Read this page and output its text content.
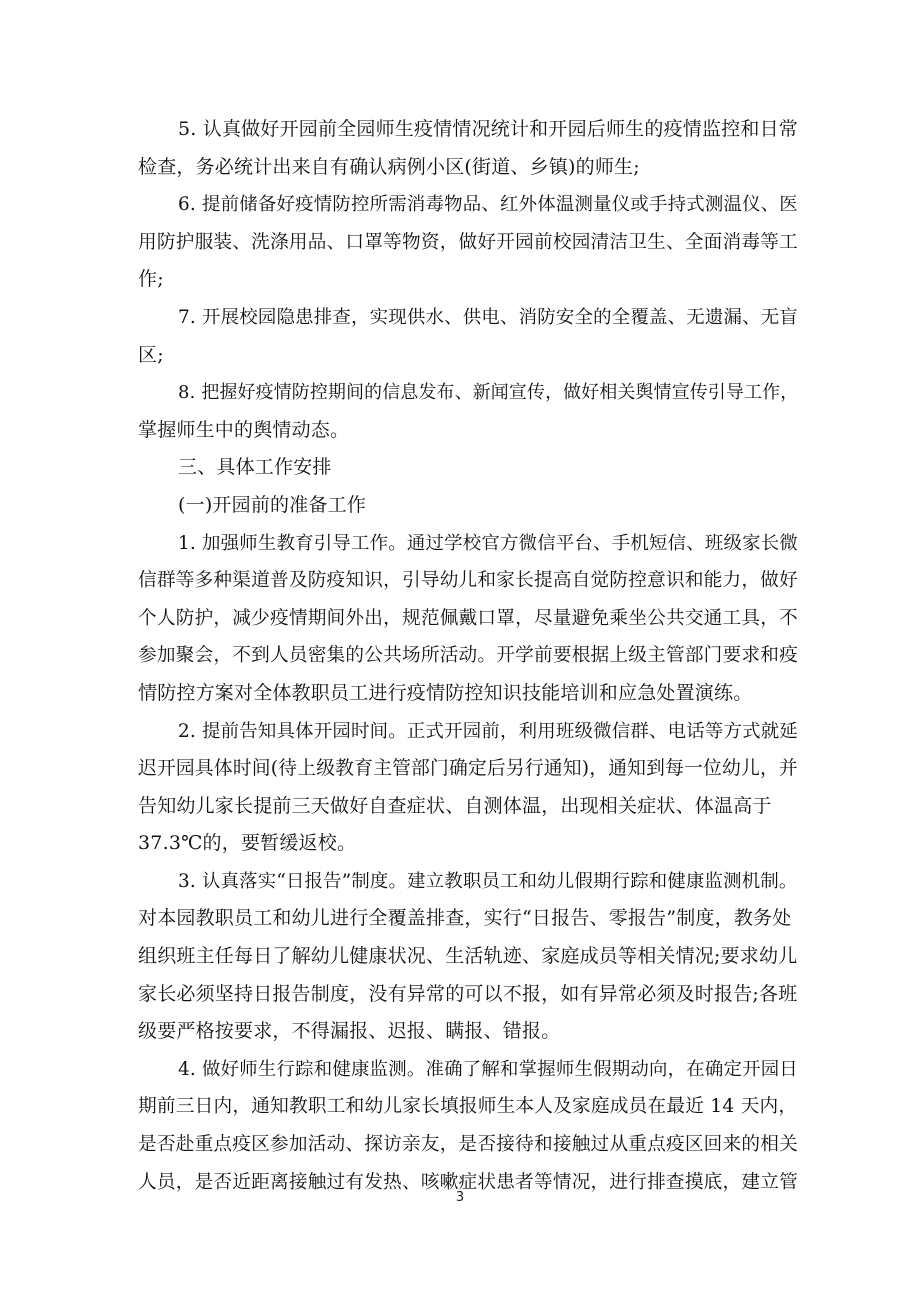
5. 认真做好开园前全园师生疫情情况统计和开园后师生的疫情监控和日常
检查，务必统计出来自有确认病例小区(街道、乡镇)的师生;
6. 提前储备好疫情防控所需消毒物品、红外体温测量仪或手持式测温仪、医
用防护服装、洗涤用品、口罩等物资，做好开园前校园清洁卫生、全面消毒等工
作;
7. 开展校园隐患排查，实现供水、供电、消防安全的全覆盖、无遗漏、无盲
区;
8. 把握好疫情防控期间的信息发布、新闻宣传，做好相关舆情宣传引导工作，
掌握师生中的舆情动态。
三、具体工作安排
(一)开园前的准备工作
1. 加强师生教育引导工作。通过学校官方微信平台、手机短信、班级家长微
信群等多种渠道普及防疫知识，引导幼儿和家长提高自觉防控意识和能力，做好
个人防护，减少疫情期间外出，规范佩戴口罩，尽量避免乘坐公共交通工具，不
参加聚会，不到人员密集的公共场所活动。开学前要根据上级主管部门要求和疫
情防控方案对全体教职员工进行疫情防控知识技能培训和应急处置演练。
2. 提前告知具体开园时间。正式开园前，利用班级微信群、电话等方式就延
迟开园具体时间(待上级教育主管部门确定后另行通知)，通知到每一位幼儿，并
告知幼儿家长提前三天做好自查症状、自测体温，出现相关症状、体温高于
37.3℃的，要暂缓返校。
3. 认真落实“日报告”制度。建立教职员工和幼儿假期行踪和健康监测机制。
对本园教职员工和幼儿进行全覆盖排查，实行“日报告、零报告”制度，教务处
组织班主任每日了解幼儿健康状况、生活轨迹、家庭成员等相关情况;要求幼儿
家长必须坚持日报告制度，没有异常的可以不报，如有异常必须及时报告;各班
级要严格按要求，不得漏报、迟报、瞒报、错报。
4. 做好师生行踪和健康监测。准确了解和掌握师生假期动向，在确定开园日
期前三日内，通知教职工和幼儿家长填报师生本人及家庭成员在最近 14 天内，
是否赴重点疫区参加活动、探访亲友，是否接待和接触过从重点疫区回来的相关
人员，是否近距离接触过有发热、咳嗽症状患者等情况，进行排查摸底，建立管
3
